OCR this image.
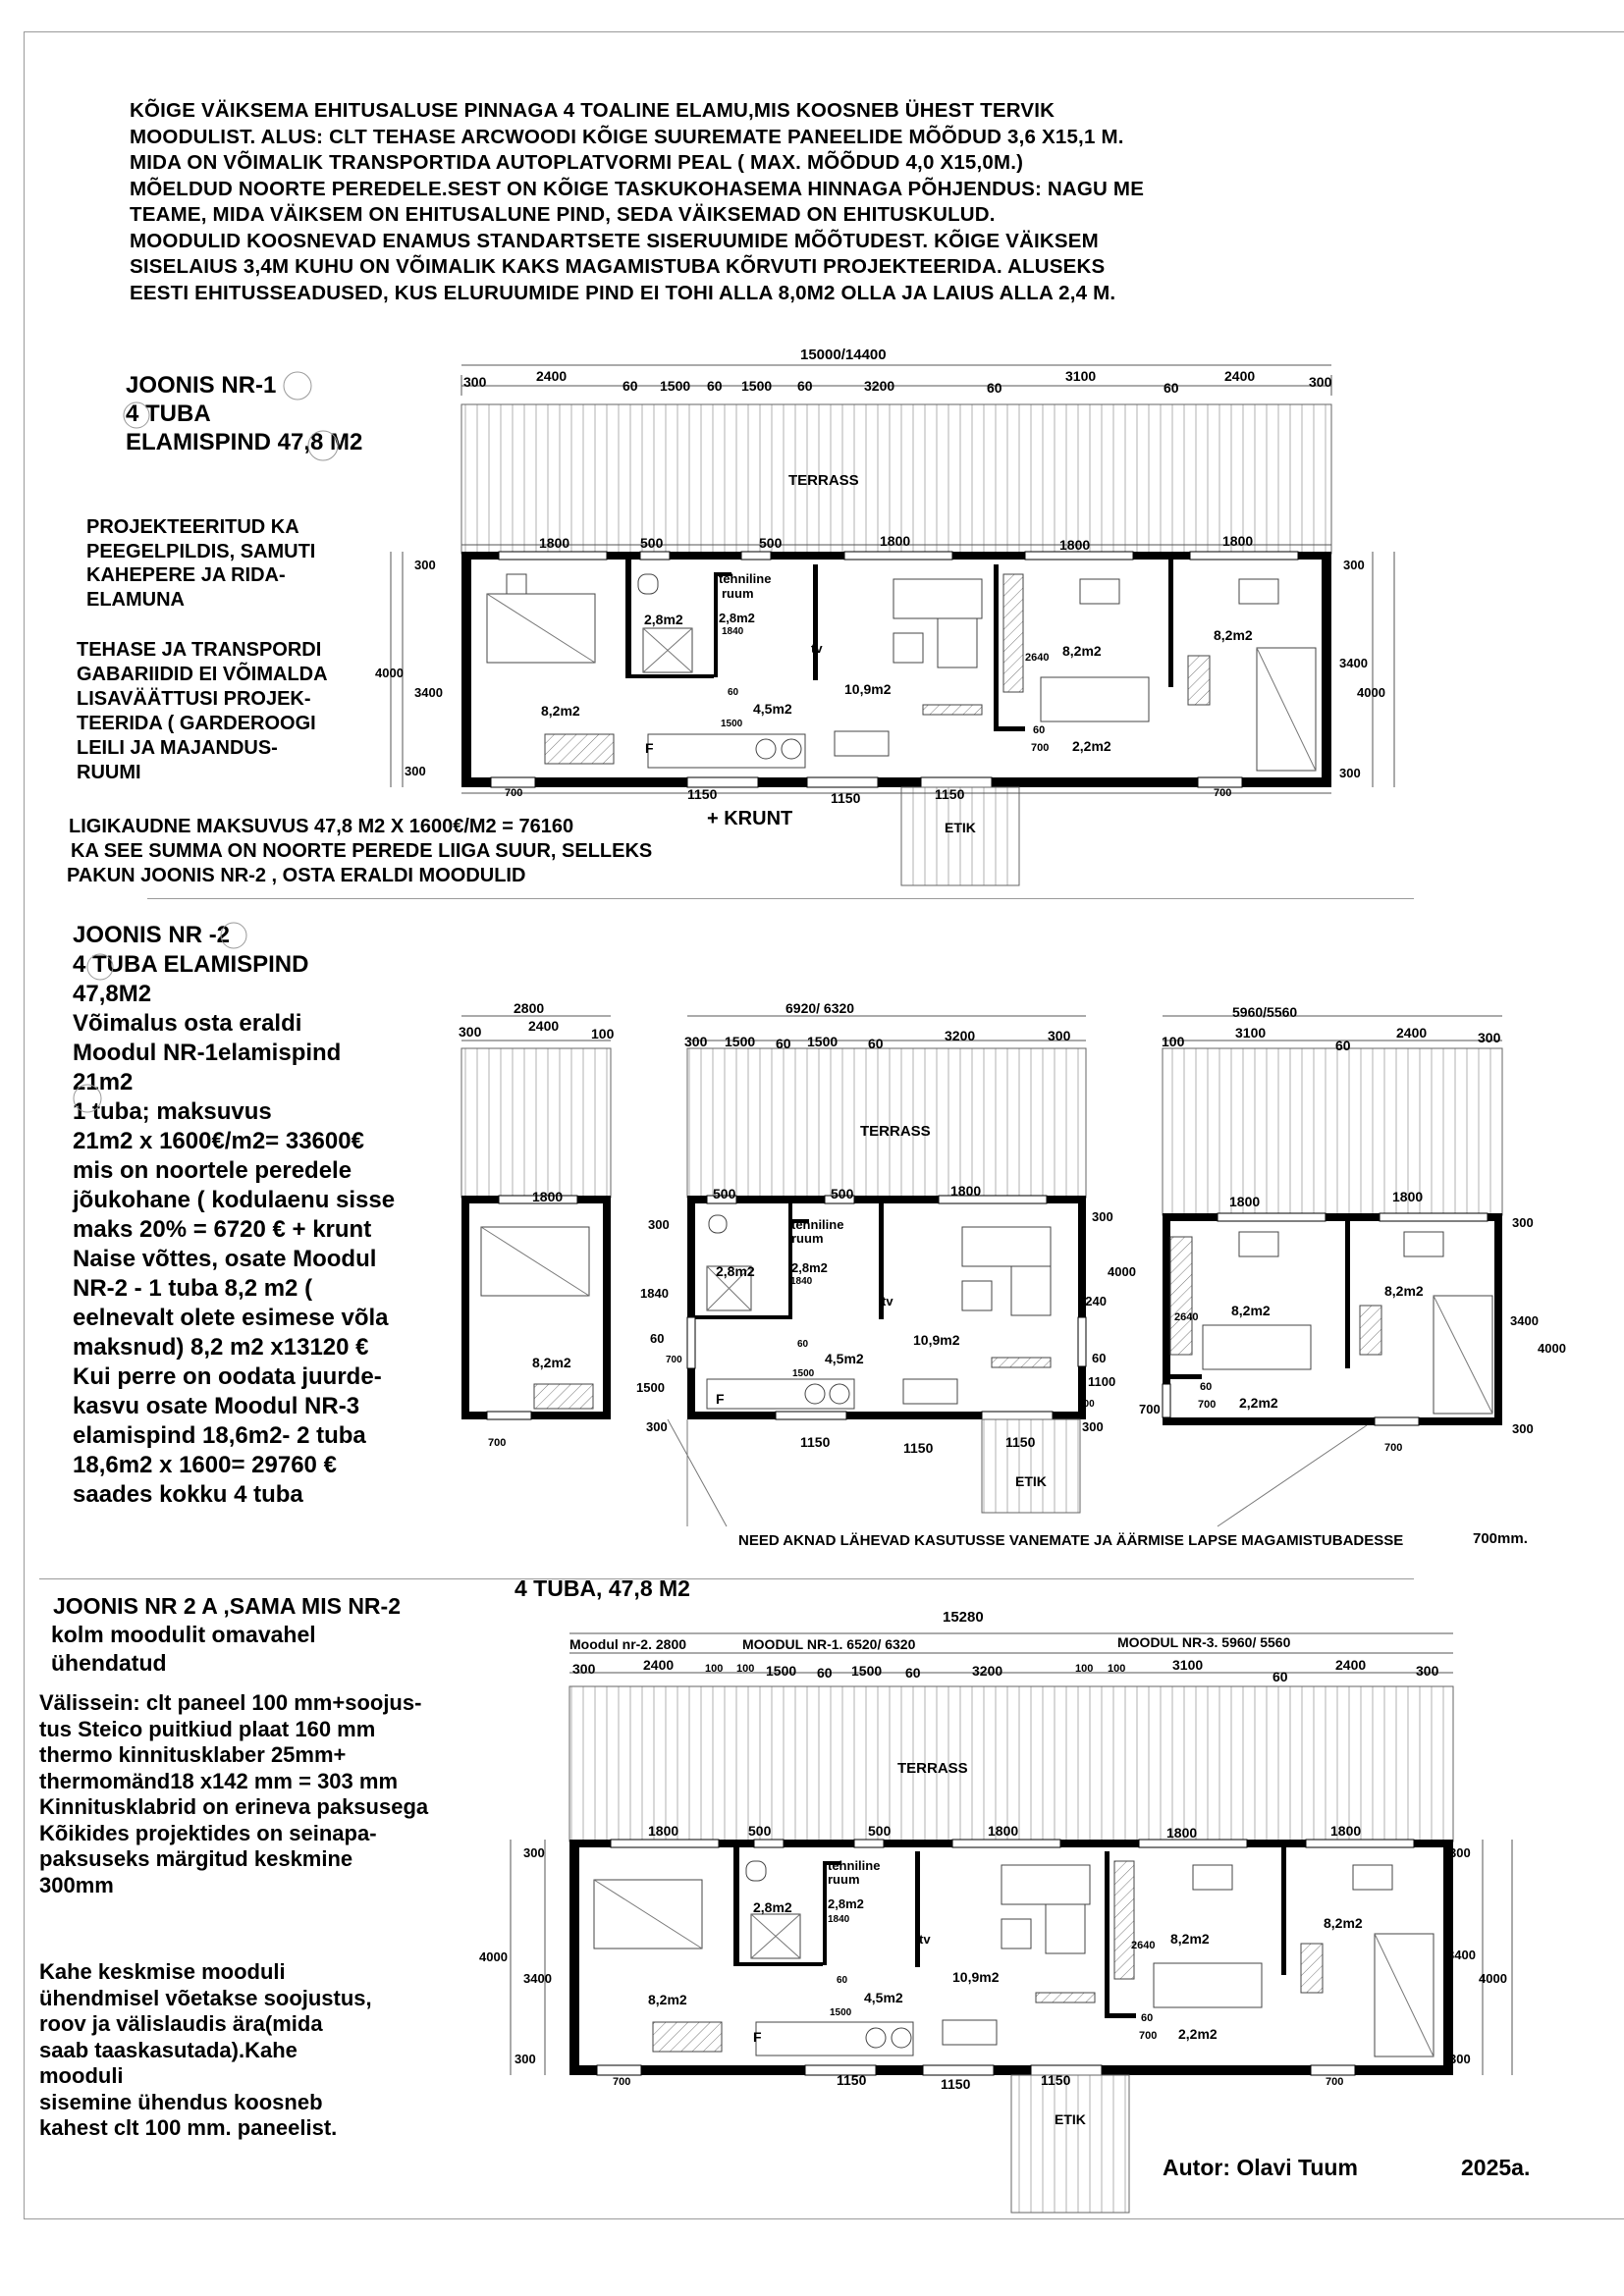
KÕIGE VÄIKSEMA EHITUSALUSE PINNAGA 4 TOALINE ELAMU,MIS KOOSNEB ÜHEST TERVIK
MOODULIST. ALUS: CLT TEHASE ARCWOODI KÕIGE SUUREMATE PANEELIDE MÕÕDUD 3,6 X15,1 M.
MIDA ON VÕIMALIK TRANSPORTIDA AUTOPLATVORMI PEAL ( MAX. MÕÕDUD 4,0 X15,0M.)
MÕELDUD NOORTE PEREDELE.SEST ON KÕIGE TASKUKOHASEMA HINNAGA PÕHJENDUS: NAGU ME
TEAME, MIDA VÄIKSEM ON EHITUSALUNE PIND, SEDA VÄIKSEMAD ON EHITUSKULUD.
MOODULID KOOSNEVAD ENAMUS STANDARTSETE SISERUUMIDE MÕÕTUDEST. KÕIGE VÄIKSEM
SISELAIUS 3,4M KUHU ON VÕIMALIK KAKS MAGAMISTUBA KÕRVUTI PROJEKTEERIDA. ALUSEKS
EESTI EHITUSSEADUSED, KUS ELURUUMIDE PIND EI TOHI ALLA 8,0M2 OLLA JA LAIUS ALLA 2,4 M.
JOONIS NR-1
4 TUBA
ELAMISPIND 47,8 M2
PROJEKTEERITUD KA
PEEGELPILDIS, SAMUTI
KAHEPERE JA RIDA-
ELAMUNA
TEHASE JA TRANSPORDI
GABARIIDID EI VÕIMALDA
LISAVÄÄTTUSI PROJEK-
TEERIDA ( GARDEROOGI
LEILI JA MAJANDUS-
RUUMI
LIGIKAUDNE MAKSUVUS 47,8 M2 X 1600€/M2 = 76160
KA SEE SUMMA ON NOORTE PEREDE LIIGA SUUR, SELLEKS
PAKUN JOONIS NR-2 , OSTA ERALDI MOODULID
+ KRUNT
JOONIS NR -2
4 TUBA ELAMISPIND
47,8M2
Võimalus osta eraldi
Moodul NR-1elamispind
21m2
1 tuba; maksuvus
21m2 x 1600€/m2= 33600€
mis on noortele peredele
jõukohane ( kodulaenu sisse
maks 20% = 6720 € + krunt
Naise võttes, osate Moodul
NR-2 - 1 tuba 8,2 m2 (
eelnevalt olete esimese võla
maksnud) 8,2 m2 x13120 €
Kui perre on oodata juurde-
kasvu osate Moodul NR-3
elamispind 18,6m2- 2 tuba
18,6m2 x 1600= 29760 €
saades kokku 4 tuba
NEED AKNAD LÄHEVAD KASUTUSSE VANEMATE JA ÄÄRMISE LAPSE MAGAMISTUBADESSE	700mm.
JOONIS NR 2 A ,SAMA MIS NR-2
kolm moodulit omavahel
ühendatud
4 TUBA, 47,8 M2
Välissein: clt paneel 100 mm+soojus-
tus Steico puitkiud plaat 160 mm
thermo kinnitusklaber 25mm+
thermomänd18 x142 mm = 303 mm
Kinnitusklabrid on erineva paksusega
Kõikides projektides on seinapa-
paksuseks märgitud keskmine
300mm
Kahe keskmise mooduli
ühendmisel võetakse soojustus,
roov ja välislaudis ära(mida
saab taaskasutada).Kahe
mooduli
sisemine ühendus koosneb
kahest clt 100 mm. paneelist.
Autor: Olavi Tuum	2025a.
15000/14400
300	2400
60 1500 60 1500 60	3200	60
3100
60
2400	300
TERRASS
1800	500	500	1800	1800	1800
300
3400
300
4000
300
3400
4000
300
tehniline
ruum
2,8m2
1840
2,8m2
tv
10,9m2
4,5m2
1500
60
8,2m2
F
2640 8,2m2
8,2m2
60
700 2,2m2
700	1150	1150	1150	700
ETIK
2800
300	2400 100
6920/ 6320
300 1500 60 1500 60	3200	300
5960/5560
100
3100
60
2400	300
TERRASS
1800	500	500	1800
1800	1800
8,2m2
700
tehniline
ruum
2,8m2
1840
2,8m2
tv
10,9m2
4,5m2
1500
60
F
300
1840
60
700
1500
300
300
4000
2240
60
1100
700
300
1150	1150	1150
ETIK
2640 8,2m2
8,2m2
60
700 2,2m2
700
700
300
3400
4000
300
15280
Moodul nr-2. 2800	MOODUL NR-1. 6520/ 6320	MOODUL NR-3. 5960/ 5560
300	2400	100 100 1500 60 1500 60	3200	100 100	3100
60
2400	300
TERRASS
1800	500	500	1800	1800	1800
300
4000
3400
300
tehniline
ruum
2,8m2
1840
2,8m2
tv
10,9m2
4,5m2
1500
60
8,2m2
F
2640 8,2m2
8,2m2
60
700 2,2m2
300
3400
4000
300
700	1150	1150	1150	700
ETIK
